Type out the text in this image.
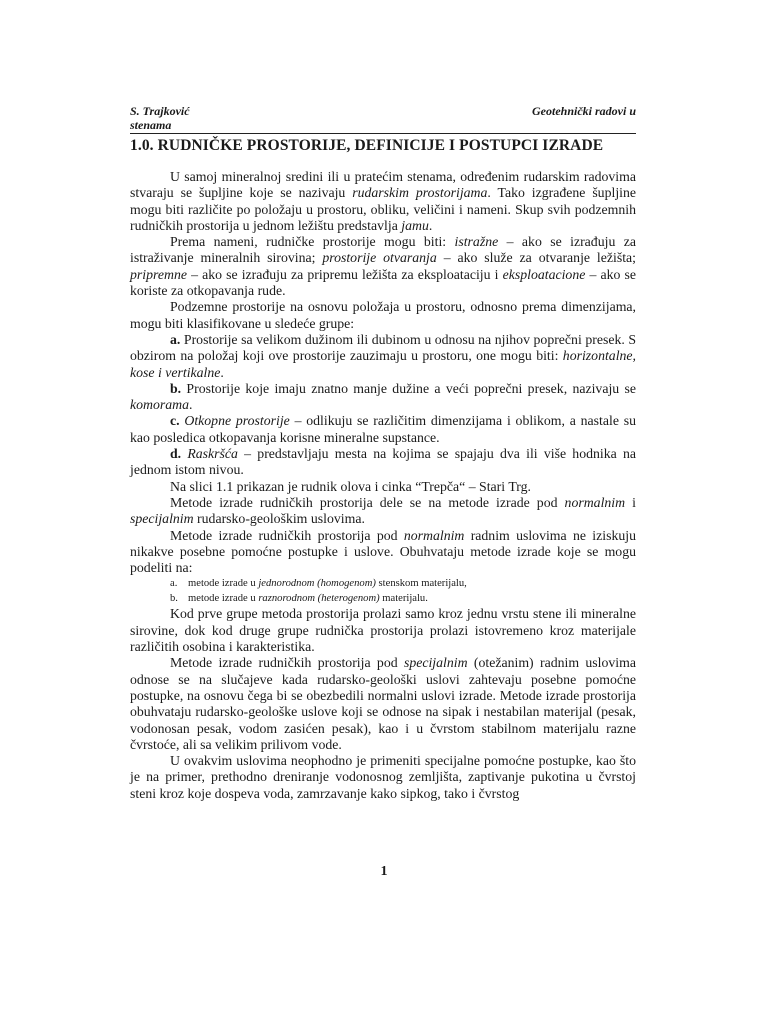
S. Trajković
stenama
Geotehnički radovi u
1.0. RUDNIČKE PROSTORIJE, DEFINICIJE I POSTUPCI IZRADE

U samoj mineralnoj sredini ili u pratećim stenama, određenim rudarskim radovima stvaraju se šupljine koje se nazivaju rudarskim prostorijama. Tako izgrađene šupljine mogu biti različite po položaju u prostoru, obliku, veličini i nameni. Skup svih podzemnih rudničkih prostorija u jednom ležištu predstavlja jamu.

Prema nameni, rudničke prostorije mogu biti: istražne – ako se izrađuju za istraživanje mineralnih sirovina; prostorije otvaranja – ako služe za otvaranje ležišta; pripremne – ako se izrađuju za pripremu ležišta za eksploataciju i eksploatacione – ako se koriste za otkopavanja rude.

Podzemne prostorije na osnovu položaja u prostoru, odnosno prema dimenzijama, mogu biti klasifikovane u sledeće grupe:

a. Prostorije sa velikom dužinom ili dubinom u odnosu na njihov poprečni presek. S obzirom na položaj koji ove prostorije zauzimaju u prostoru, one mogu biti: horizontalne, kose i vertikalne.

b. Prostorije koje imaju znatno manje dužine a veći poprečni presek, nazivaju se komorama.

c. Otkopne prostorije – odlikuju se različitim dimenzijama i oblikom, a nastale su kao posledica otkopavanja korisne mineralne supstance.

d. Raskršća – predstavljaju mesta na kojima se spajaju dva ili više hodnika na jednom istom nivou.

Na slici 1.1 prikazan je rudnik olova i cinka “Trepča“ – Stari Trg.

Metode izrade rudničkih prostorija dele se na metode izrade pod normalnim i specijalnim rudarsko-geološkim uslovima.

Metode izrade rudničkih prostorija pod normalnim radnim uslovima ne iziskuju nikakve posebne pomoćne postupke i uslove. Obuhvataju metode izrade koje se mogu podeliti na:

a. metode izrade u jednorodnom (homogenom) stenskom materijalu,

b. metode izrade u raznorodnom (heterogenom) materijalu.

Kod prve grupe metoda prostorija prolazi samo kroz jednu vrstu stene ili mineralne sirovine, dok kod druge grupe rudnička prostorija prolazi istovremeno kroz materijale različitih osobina i karakteristika.

Metode izrade rudničkih prostorija pod specijalnim (otežanim) radnim uslovima odnose se na slučajeve kada rudarsko-geološki uslovi zahtevaju posebne pomoćne postupke, na osnovu čega bi se obezbedili normalni uslovi izrade. Metode izrade prostorija obuhvataju rudarsko-geološke uslove koji se odnose na sipak i nestabilan materijal (pesak, vodonosan pesak, vodom zasićen pesak), kao i u čvrstom stabilnom materijalu razne čvrstoće, ali sa velikim prilivom vode.

U ovakvim uslovima neophodno je primeniti specijalne pomoćne postupke, kao što je na primer, prethodno dreniranje vodonosnog zemljišta, zaptivanje pukotina u čvrstoj steni kroz koje dospeva voda, zamrzavanje kako sipkog, tako i čvrstog

1
